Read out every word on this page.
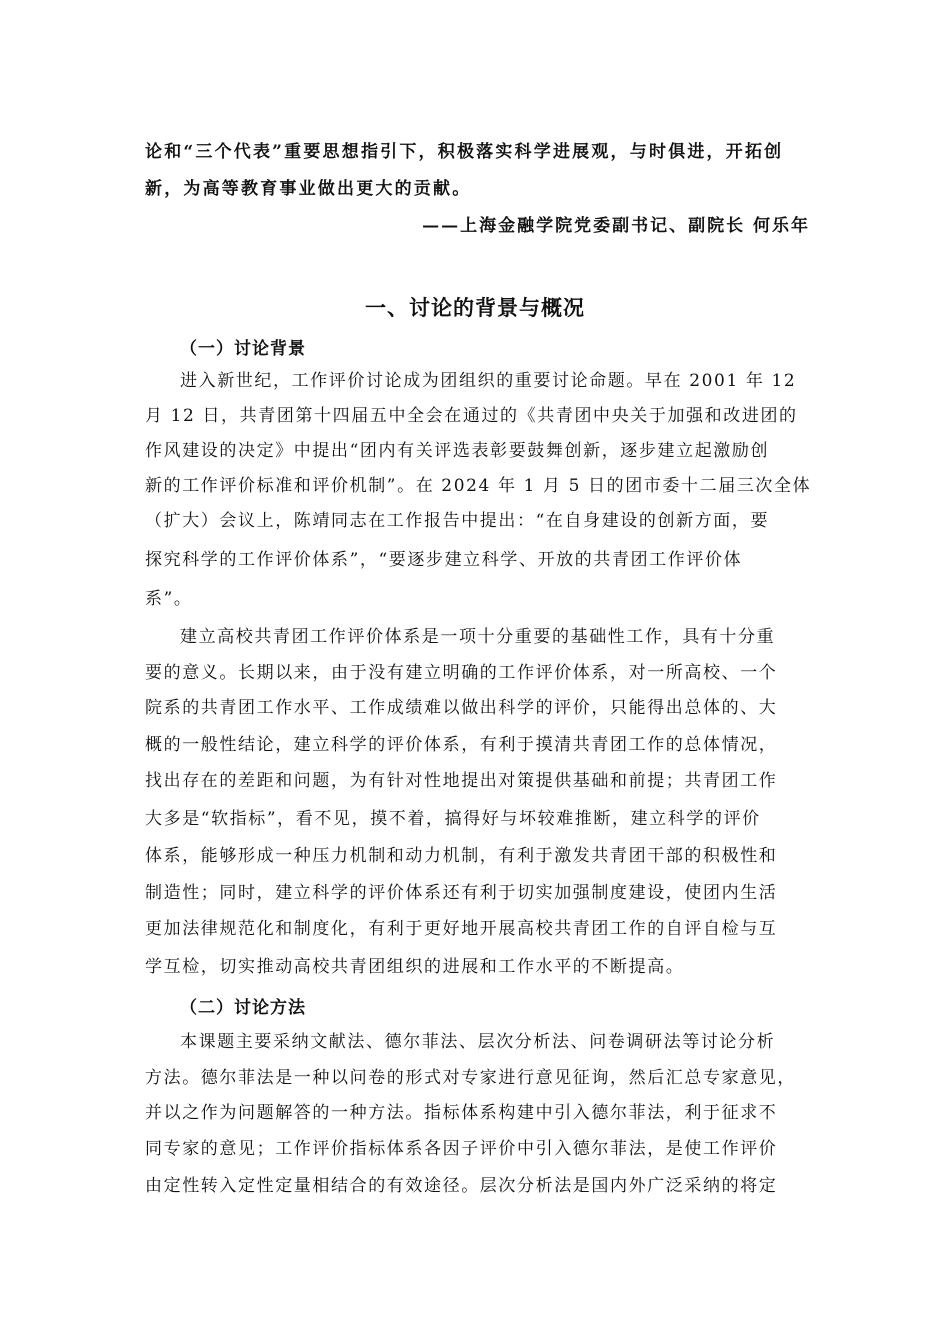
论和“三个代表”重要思想指引下，积极落实科学进展观，与时俱进，开拓创
新，为高等教育事业做出更大的贡献。
——上海金融学院党委副书记、副院长 何乐年
一、讨论的背景与概况
（一）讨论背景
进入新世纪，工作评价讨论成为团组织的重要讨论命题。早在 2001 年 12
月 12 日，共青团第十四届五中全会在通过的《共青团中央关于加强和改进团的
作风建设的决定》中提出“团内有关评选表彰要鼓舞创新，逐步建立起激励创
新的工作评价标准和评价机制”。在 2024 年 1 月 5 日的团市委十二届三次全体
（扩大）会议上，陈靖同志在工作报告中提出：“在自身建设的创新方面，要
探究科学的工作评价体系”，“要逐步建立科学、开放的共青团工作评价体
系”。
建立高校共青团工作评价体系是一项十分重要的基础性工作，具有十分重
要的意义。长期以来，由于没有建立明确的工作评价体系，对一所高校、一个
院系的共青团工作水平、工作成绩难以做出科学的评价，只能得出总体的、大
概的一般性结论，建立科学的评价体系，有利于摸清共青团工作的总体情况，
找出存在的差距和问题，为有针对性地提出对策提供基础和前提；共青团工作
大多是“软指标”，看不见，摸不着，搞得好与坏较难推断，建立科学的评价
体系，能够形成一种压力机制和动力机制，有利于激发共青团干部的积极性和
制造性；同时，建立科学的评价体系还有利于切实加强制度建设，使团内生活
更加法律规范化和制度化，有利于更好地开展高校共青团工作的自评自检与互
学互检，切实推动高校共青团组织的进展和工作水平的不断提高。
（二）讨论方法
本课题主要采纳文献法、德尔菲法、层次分析法、问卷调研法等讨论分析
方法。德尔菲法是一种以问卷的形式对专家进行意见征询，然后汇总专家意见，
并以之作为问题解答的一种方法。指标体系构建中引入德尔菲法，利于征求不
同专家的意见；工作评价指标体系各因子评价中引入德尔菲法，是使工作评价
由定性转入定性定量相结合的有效途径。层次分析法是国内外广泛采纳的将定
